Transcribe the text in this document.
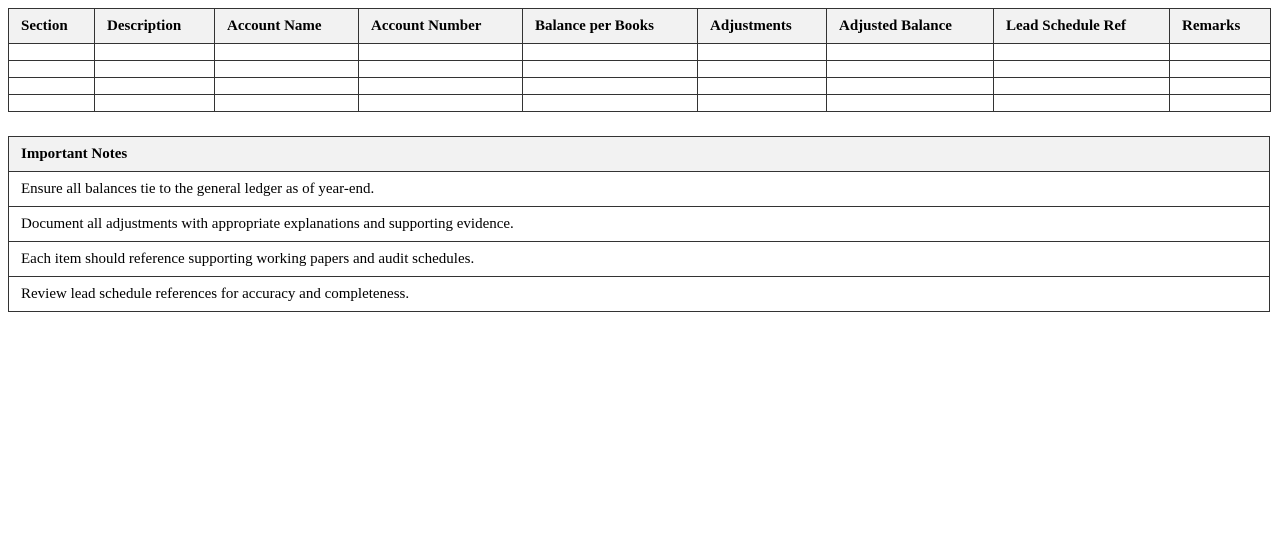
Section	Description	Account Name	Account Number	Balance per Books	Adjustments	Adjusted Balance	Lead Schedule Ref	Remarks

Important Notes
Ensure all balances tie to the general ledger as of year-end.
Document all adjustments with appropriate explanations and supporting evidence.
Each item should reference supporting working papers and audit schedules.
Review lead schedule references for accuracy and completeness.
